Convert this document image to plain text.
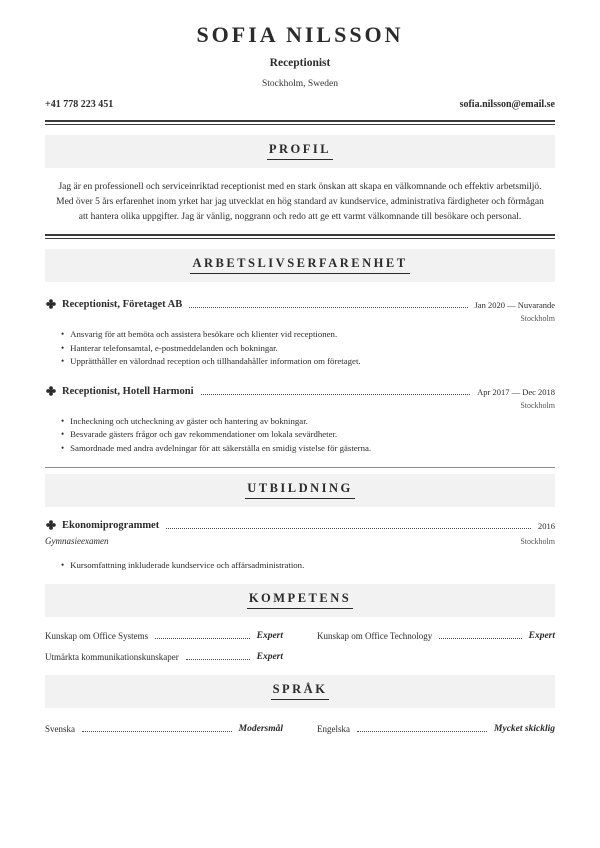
SOFIA NILSSON
Receptionist
Stockholm, Sweden
+41 778 223 451	sofia.nilsson@email.se
PROFIL
Jag är en professionell och serviceinriktad receptionist med en stark önskan att skapa en välkomnande och effektiv arbetsmiljö. Med över 5 års erfarenhet inom yrket har jag utvecklat en hög standard av kundservice, administrativa färdigheter och förmågan att hantera olika uppgifter. Jag är vänlig, noggrann och redo att ge ett varmt välkomnande till besökare och personal.
ARBETSLIVSERFARENHET
Receptionist, Företaget AB	Jan 2020 — Nuvarande
Stockholm
• Ansvarig för att bemöta och assistera besökare och klienter vid receptionen.
• Hanterar telefonsamtal, e-postmeddelanden och bokningar.
• Upprätthåller en välordnad reception och tillhandahåller information om företaget.
Receptionist, Hotell Harmoni	Apr 2017 — Dec 2018
Stockholm
• Incheckning och utcheckning av gäster och hantering av bokningar.
• Besvarade gästers frågor och gav rekommendationer om lokala sevärdheter.
• Samordnade med andra avdelningar för att säkerställa en smidig vistelse för gästerna.
UTBILDNING
Ekonomiprogrammet	2016
Gymnasieexamen	Stockholm
• Kursomfattning inkluderade kundservice och affärsadministration.
KOMPETENS
Kunskap om Office Systems	Expert	Kunskap om Office Technology	Expert
Utmärkta kommunikationskunskaper	Expert
SPRÅK
Svenska	Modersmål	Engelska	Mycket skicklig
